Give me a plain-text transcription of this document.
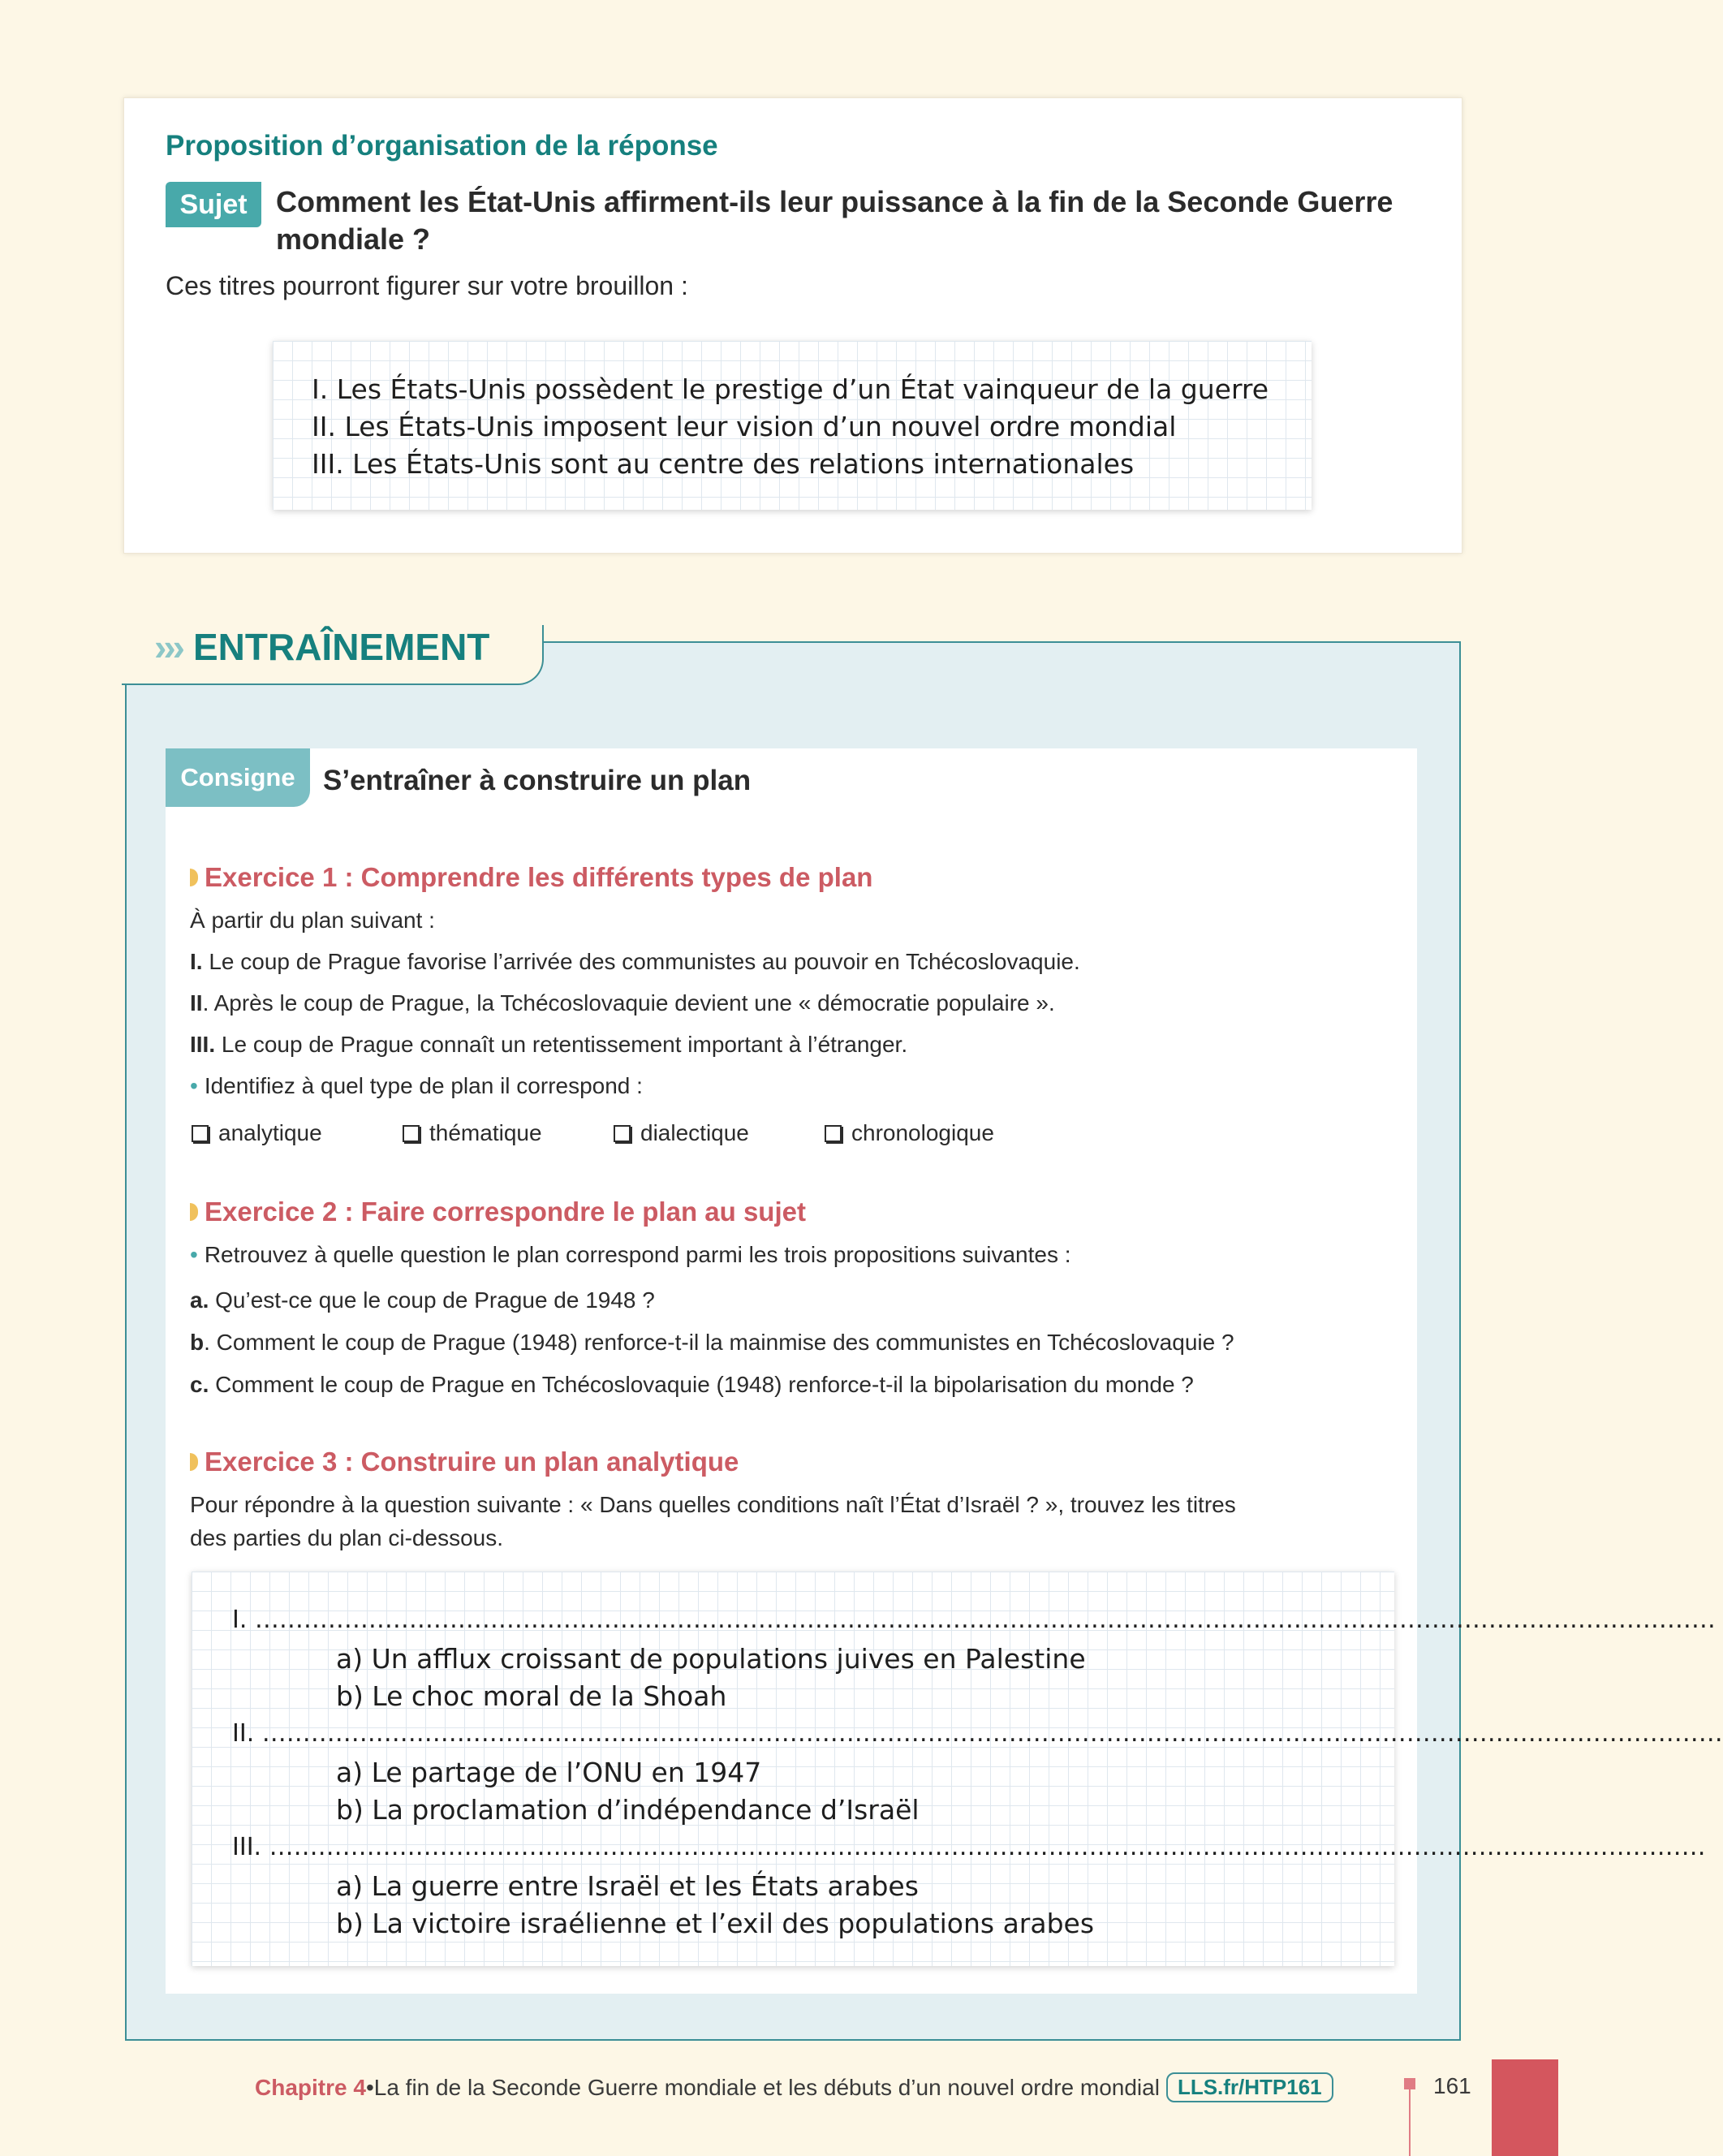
Proposition d’organisation de la réponse
Sujet Comment les État-Unis affirment-ils leur puissance à la fin de la Seconde Guerre mondiale ?
Ces titres pourront figurer sur votre brouillon :
I. Les États-Unis possèdent le prestige d’un État vainqueur de la guerre
II. Les États-Unis imposent leur vision d’un nouvel ordre mondial
III. Les États-Unis sont au centre des relations internationales
››› ENTRAÎNEMENT
Consigne S’entraîner à construire un plan
Exercice 1 : Comprendre les différents types de plan
À partir du plan suivant :
I. Le coup de Prague favorise l’arrivée des communistes au pouvoir en Tchécoslovaquie.
II. Après le coup de Prague, la Tchécoslovaquie devient une « démocratie populaire ».
III. Le coup de Prague connaît un retentissement important à l’étranger.
• Identifiez à quel type de plan il correspond :
analytique	thématique	dialectique	chronologique
Exercice 2 : Faire correspondre le plan au sujet
• Retrouvez à quelle question le plan correspond parmi les trois propositions suivantes :
a. Qu’est-ce que le coup de Prague de 1948 ?
b. Comment le coup de Prague (1948) renforce-t-il la mainmise des communistes en Tchécoslovaquie ?
c. Comment le coup de Prague en Tchécoslovaquie (1948) renforce-t-il la bipolarisation du monde ?
Exercice 3 : Construire un plan analytique
Pour répondre à la question suivante : « Dans quelles conditions naît l’État d’Israël ? », trouvez les titres
des parties du plan ci-dessous.
I. ………………………………………………………………………………………………………………………………………………………………
a) Un afflux croissant de populations juives en Palestine
b) Le choc moral de la Shoah
II. ………………………………………………………………………………………………………………………………………………………………
a) Le partage de l’ONU en 1947
b) La proclamation d’indépendance d’Israël
III. ……………………………………………………………………………………………………………………………………………………………
a) La guerre entre Israël et les États arabes
b) La victoire israélienne et l’exil des populations arabes
Chapitre 4 • La fin de la Seconde Guerre mondiale et les débuts d’un nouvel ordre mondial LLS.fr/HTP161	161
